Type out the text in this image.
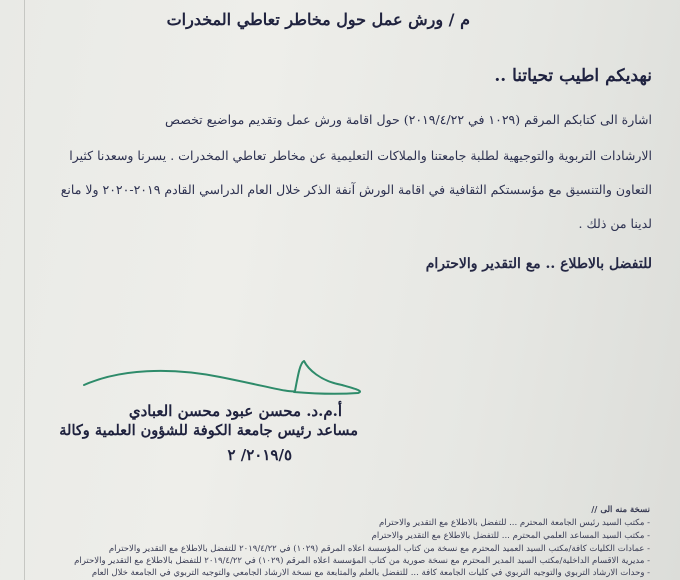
م / ورش عمل حول مخاطر تعاطي المخدرات
نهديكم اطيب تحياتنا ..
اشارة الى كتابكم المرقم (١٠٢٩ في ٢٠١٩/٤/٢٢) حول اقامة ورش عمل وتقديم مواضيع تخصص
الارشادات التربوية والتوجيهية لطلبة جامعتنا والملاكات التعليمية عن مخاطر تعاطي المخدرات . يسرنا وسعدنا كثيرا
التعاون والتنسيق مع مؤسستكم الثقافية في اقامة الورش آنفة الذكر خلال العام الدراسي القادم ٢٠١٩-٢٠٢٠ ولا مانع
لدينا من ذلك .
للتفضل بالاطلاع .. مع التقدير والاحترام
أ.م.د. محسن عبود محسن العبادي
مساعد رئيس جامعة الكوفة للشؤون العلمية وكالة
٢٠١٩/٥/ ٢
نسخة منه الى //
- مكتب السيد رئيس الجامعة المحترم ... للتفضل بالاطلاع مع التقدير والاحترام
- مكتب السيد المساعد العلمي المحترم ... للتفضل بالاطلاع مع التقدير والاحترام
- عمادات الكليات كافة/مكتب السيد العميد المحترم مع نسخة من كتاب المؤسسة اعلاه المرقم (١٠٢٩) في ٢٠١٩/٤/٢٢ للتفضل بالاطلاع مع التقدير والاحترام
- مديرية الاقسام الداخلية/مكتب السيد المدير المحترم مع نسخة صورية من كتاب المؤسسة اعلاه المرقم (١٠٢٩) في ٢٠١٩/٤/٢٢ للتفضل بالاطلاع مع التقدير والاحترام
- وحدات الارشاد التربوي والتوجيه التربوي في كليات الجامعة كافة ... للتفضل بالعلم والمتابعة مع نسخة الارشاد الجامعي والتوجيه التربوي في الجامعة خلال العام
